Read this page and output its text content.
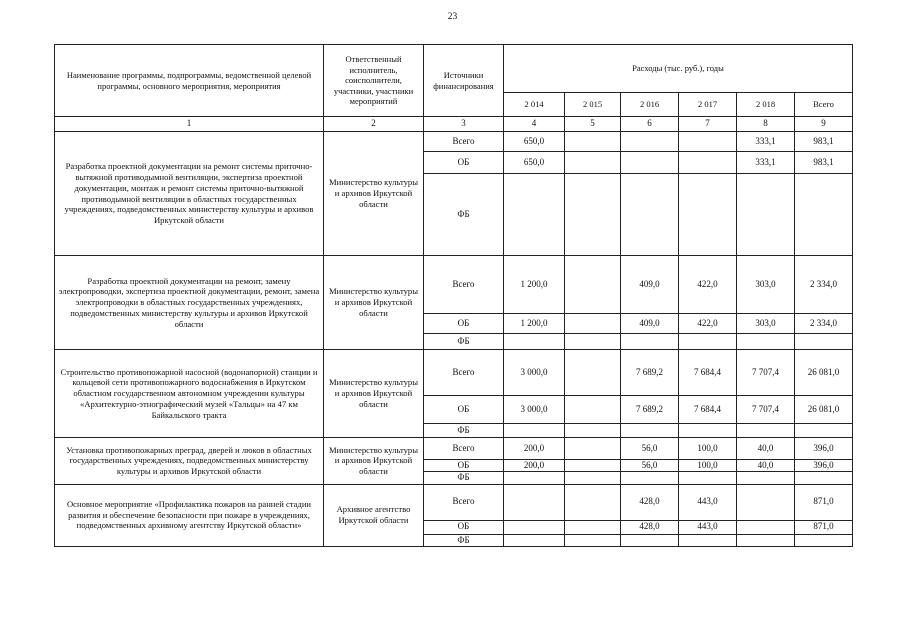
23
Наименование программы, подпрограммы, ведомственной целевой программы, основного мероприятия, мероприятия	Ответственный исполнитель, соисполнители, участники, участники мероприятий	Источники финансирования	Расходы (тыс. руб.), годы					
			2 014	2 015	2 016	2 017	2 018	Всего
1	2	3	4	5	6	7	8	9
Разработка проектной документации на ремонт системы приточно-вытяжной противодымной вентиляции, экспертиза проектной документации, монтаж и ремонт системы приточно-вытяжной противодымной вентиляции в областных государственных учреждениях, подведомственных министерству культуры и архивов Иркутской области	Министерство культуры и архивов Иркутской области	Всего	650,0				333,1	983,1
		ОБ	650,0				333,1	983,1
		ФБ						
Разработка проектной документации на ремонт, замену электропроводки, экспертиза проектной документации, ремонт, замена электропроводки в областных государственных учреждениях, подведомственных министерству культуры и архивов Иркутской области	Министерство культуры и архивов Иркутской области	Всего	1 200,0		409,0	422,0	303,0	2 334,0
		ОБ	1 200,0		409,0	422,0	303,0	2 334,0
		ФБ						
Строительство противопожарной насосной (водонапорной) станции и кольцевой сети противопожарного водоснабжения в Иркутском областном государственном автономном учреждении культуры «Архитектурно-этнографический музей «Тальцы» на 47 км Байкальского тракта	Министерство культуры и архивов Иркутской области	Всего	3 000,0		7 689,2	7 684,4	7 707,4	26 081,0
		ОБ	3 000,0		7 689,2	7 684,4	7 707,4	26 081,0
		ФБ						
Установка противопожарных преград, дверей и люков в областных государственных учреждениях, подведомственных министерству культуры и архивов Иркутской области	Министерство культуры и архивов Иркутской области	Всего	200,0		56,0	100,0	40,0	396,0
		ОБ	200,0		56,0	100,0	40,0	396,0
		ФБ						
Основное мероприятие «Профилактика пожаров на ранней стадии развития и обеспечение безопасности при пожаре в учреждениях, подведомственных архивному агентству Иркутской области»	Архивное агентство Иркутской области	Всего			428,0	443,0		871,0
		ОБ			428,0	443,0		871,0
		ФБ						
